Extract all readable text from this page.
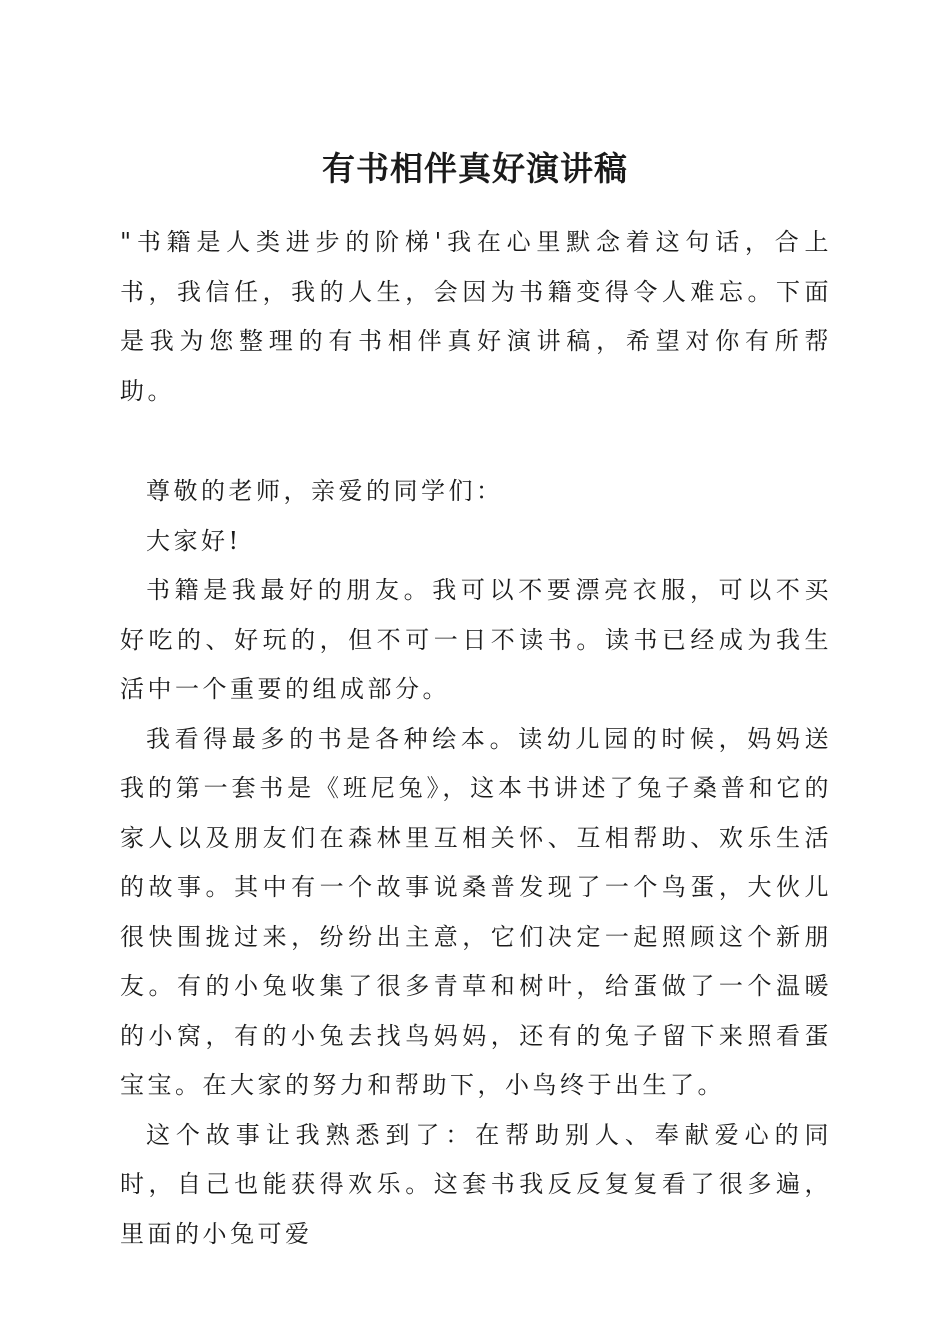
有书相伴真好演讲稿

"书籍是人类进步的阶梯'我在心里默念着这句话，合上书，我信任，我的人生，会因为书籍变得令人难忘。下面是我为您整理的有书相伴真好演讲稿，希望对你有所帮助。

尊敬的老师，亲爱的同学们：

大家好!

书籍是我最好的朋友。我可以不要漂亮衣服，可以不买好吃的、好玩的，但不可一日不读书。读书已经成为我生活中一个重要的组成部分。

我看得最多的书是各种绘本。读幼儿园的时候，妈妈送我的第一套书是《班尼兔》，这本书讲述了兔子桑普和它的家人以及朋友们在森林里互相关怀、互相帮助、欢乐生活的故事。其中有一个故事说桑普发现了一个鸟蛋，大伙儿很快围拢过来，纷纷出主意，它们决定一起照顾这个新朋友。有的小兔收集了很多青草和树叶，给蛋做了一个温暖的小窝，有的小兔去找鸟妈妈，还有的兔子留下来照看蛋宝宝。在大家的努力和帮助下，小鸟终于出生了。

这个故事让我熟悉到了：在帮助别人、奉献爱心的同时，自己也能获得欢乐。这套书我反反复复看了很多遍，里面的小兔可爱
